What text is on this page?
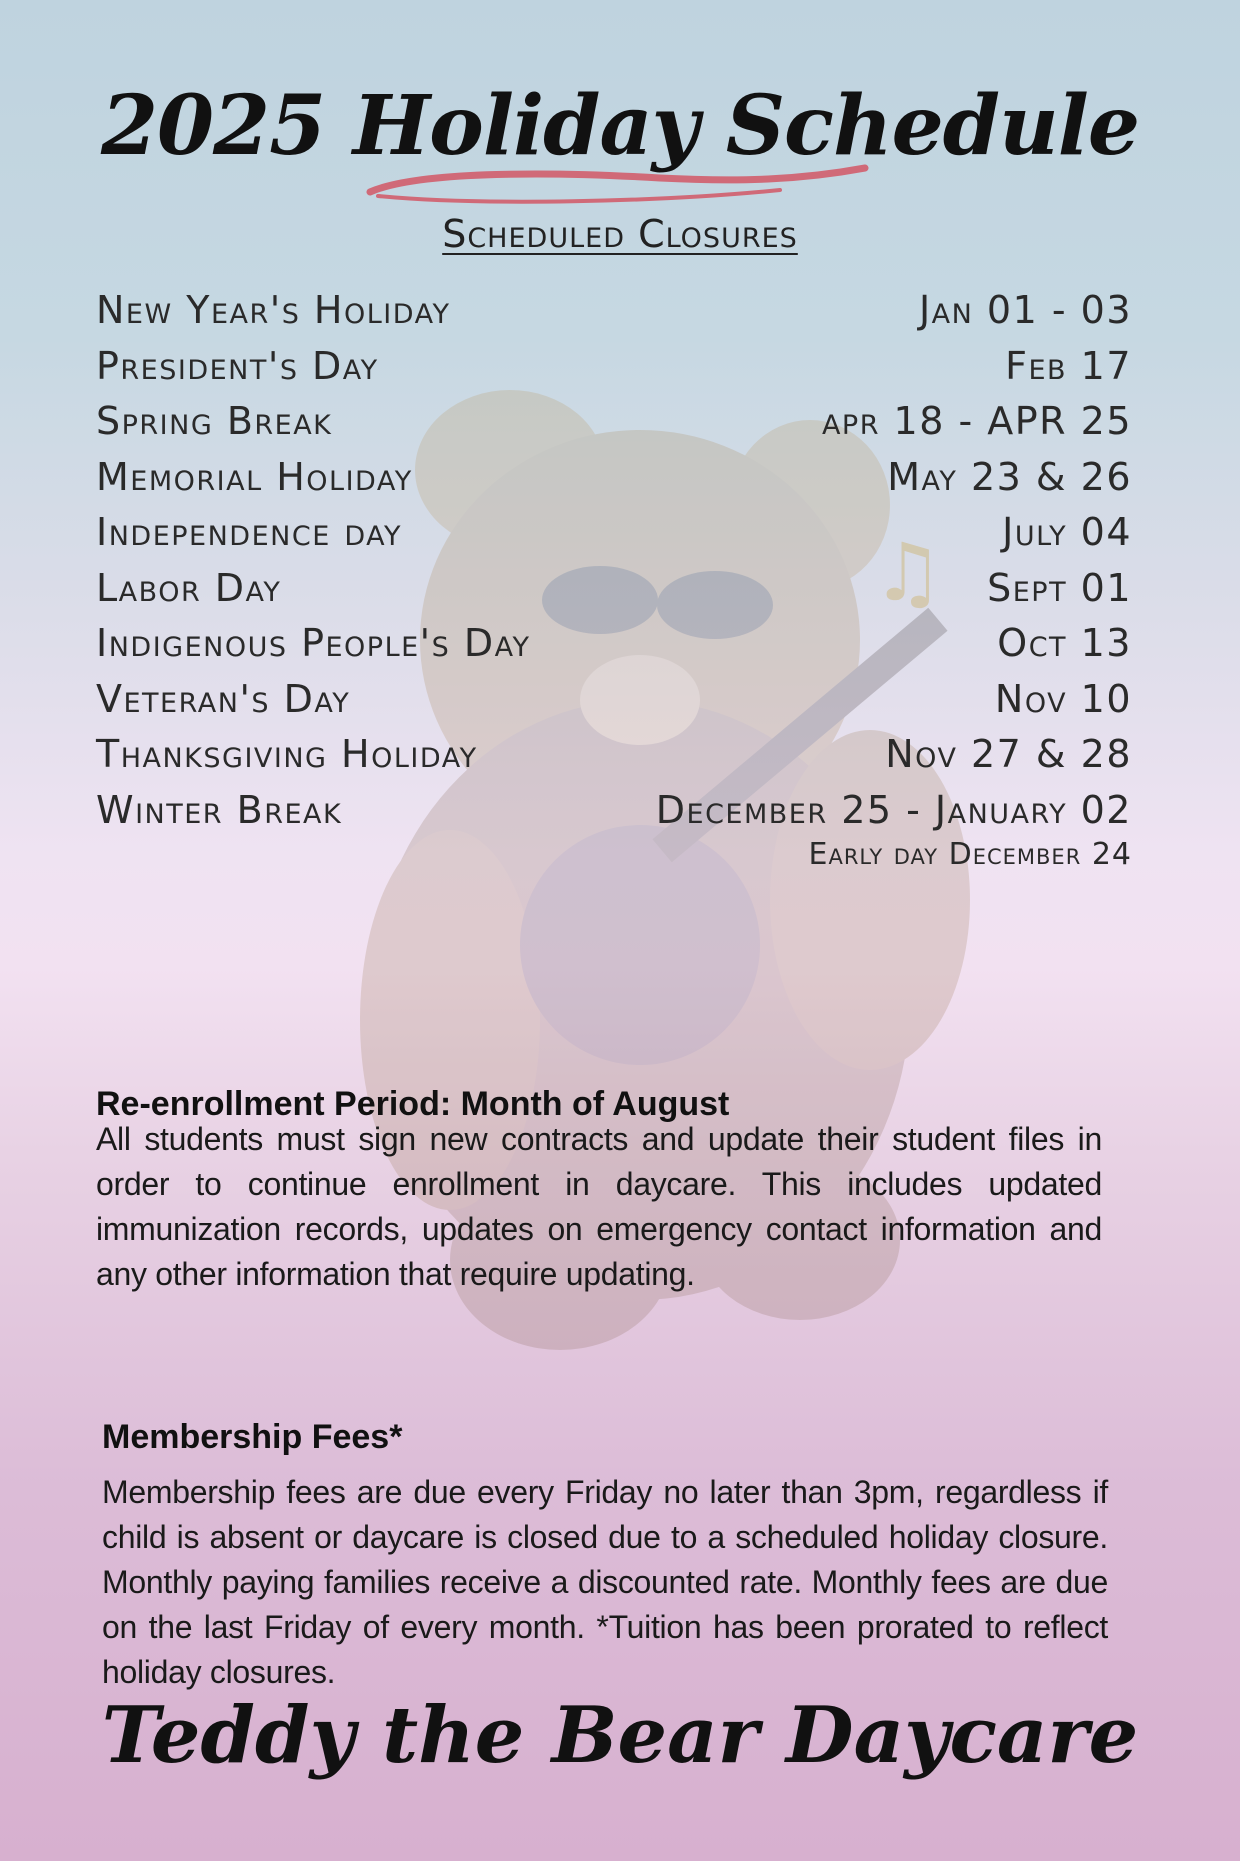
♫
2025 Holiday Schedule
Scheduled Closures
New Year's Holiday	Jan 01 - 03
President's Day	Feb 17
Spring Break	apr 18 - APR 25
Memorial Holiday	May 23 & 26
Independence day	July 04
Labor Day	Sept 01
Indigenous People's Day	Oct 13
Veteran's Day	Nov 10
Thanksgiving Holiday	Nov 27 & 28
Winter Break	December 25 - January 02
Early day December 24
Re-enrollment Period: Month of August
All students must sign new contracts and update their student files in order to continue enrollment in daycare. This includes updated immunization records, updates on emergency contact information and any other information that require updating.
Membership Fees*
Membership fees are due every Friday no later than 3pm, regardless if child is absent or daycare is closed due to a scheduled holiday closure. Monthly paying families receive a discounted rate. Monthly fees are due on the last Friday of every month. *Tuition has been prorated to reflect holiday closures.
Teddy the Bear Daycare
